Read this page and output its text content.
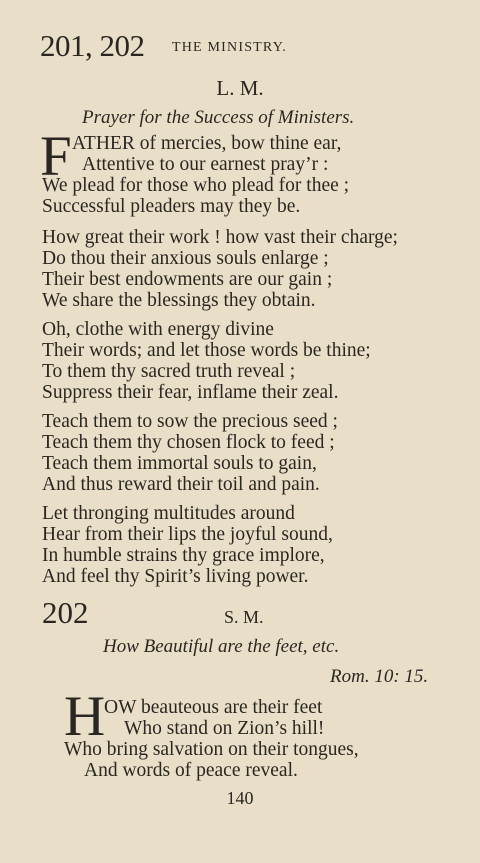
201, 202 THE MINISTRY.
L. M.
Prayer for the Success of Ministers.
F ATHER of mercies, bow thine ear,
Attentive to our earnest pray’r :
We plead for those who plead for thee ;
Successful pleaders may they be.
How great their work ! how vast their charge;
Do thou their anxious souls enlarge ;
Their best endowments are our gain ;
We share the blessings they obtain.
Oh, clothe with energy divine
Their words; and let those words be thine;
To them thy sacred truth reveal ;
Suppress their fear, inflame their zeal.
Teach them to sow the precious seed ;
Teach them thy chosen flock to feed ;
Teach them immortal souls to gain,
And thus reward their toil and pain.
Let thronging multitudes around
Hear from their lips the joyful sound,
In humble strains thy grace implore,
And feel thy Spirit’s living power.
202	S. M.
How Beautiful are the feet, etc.
Rom. 10: 15.
H
OW beauteous are their feet
Who stand on Zion’s hill!
Who bring salvation on their tongues,
And words of peace reveal.
140
